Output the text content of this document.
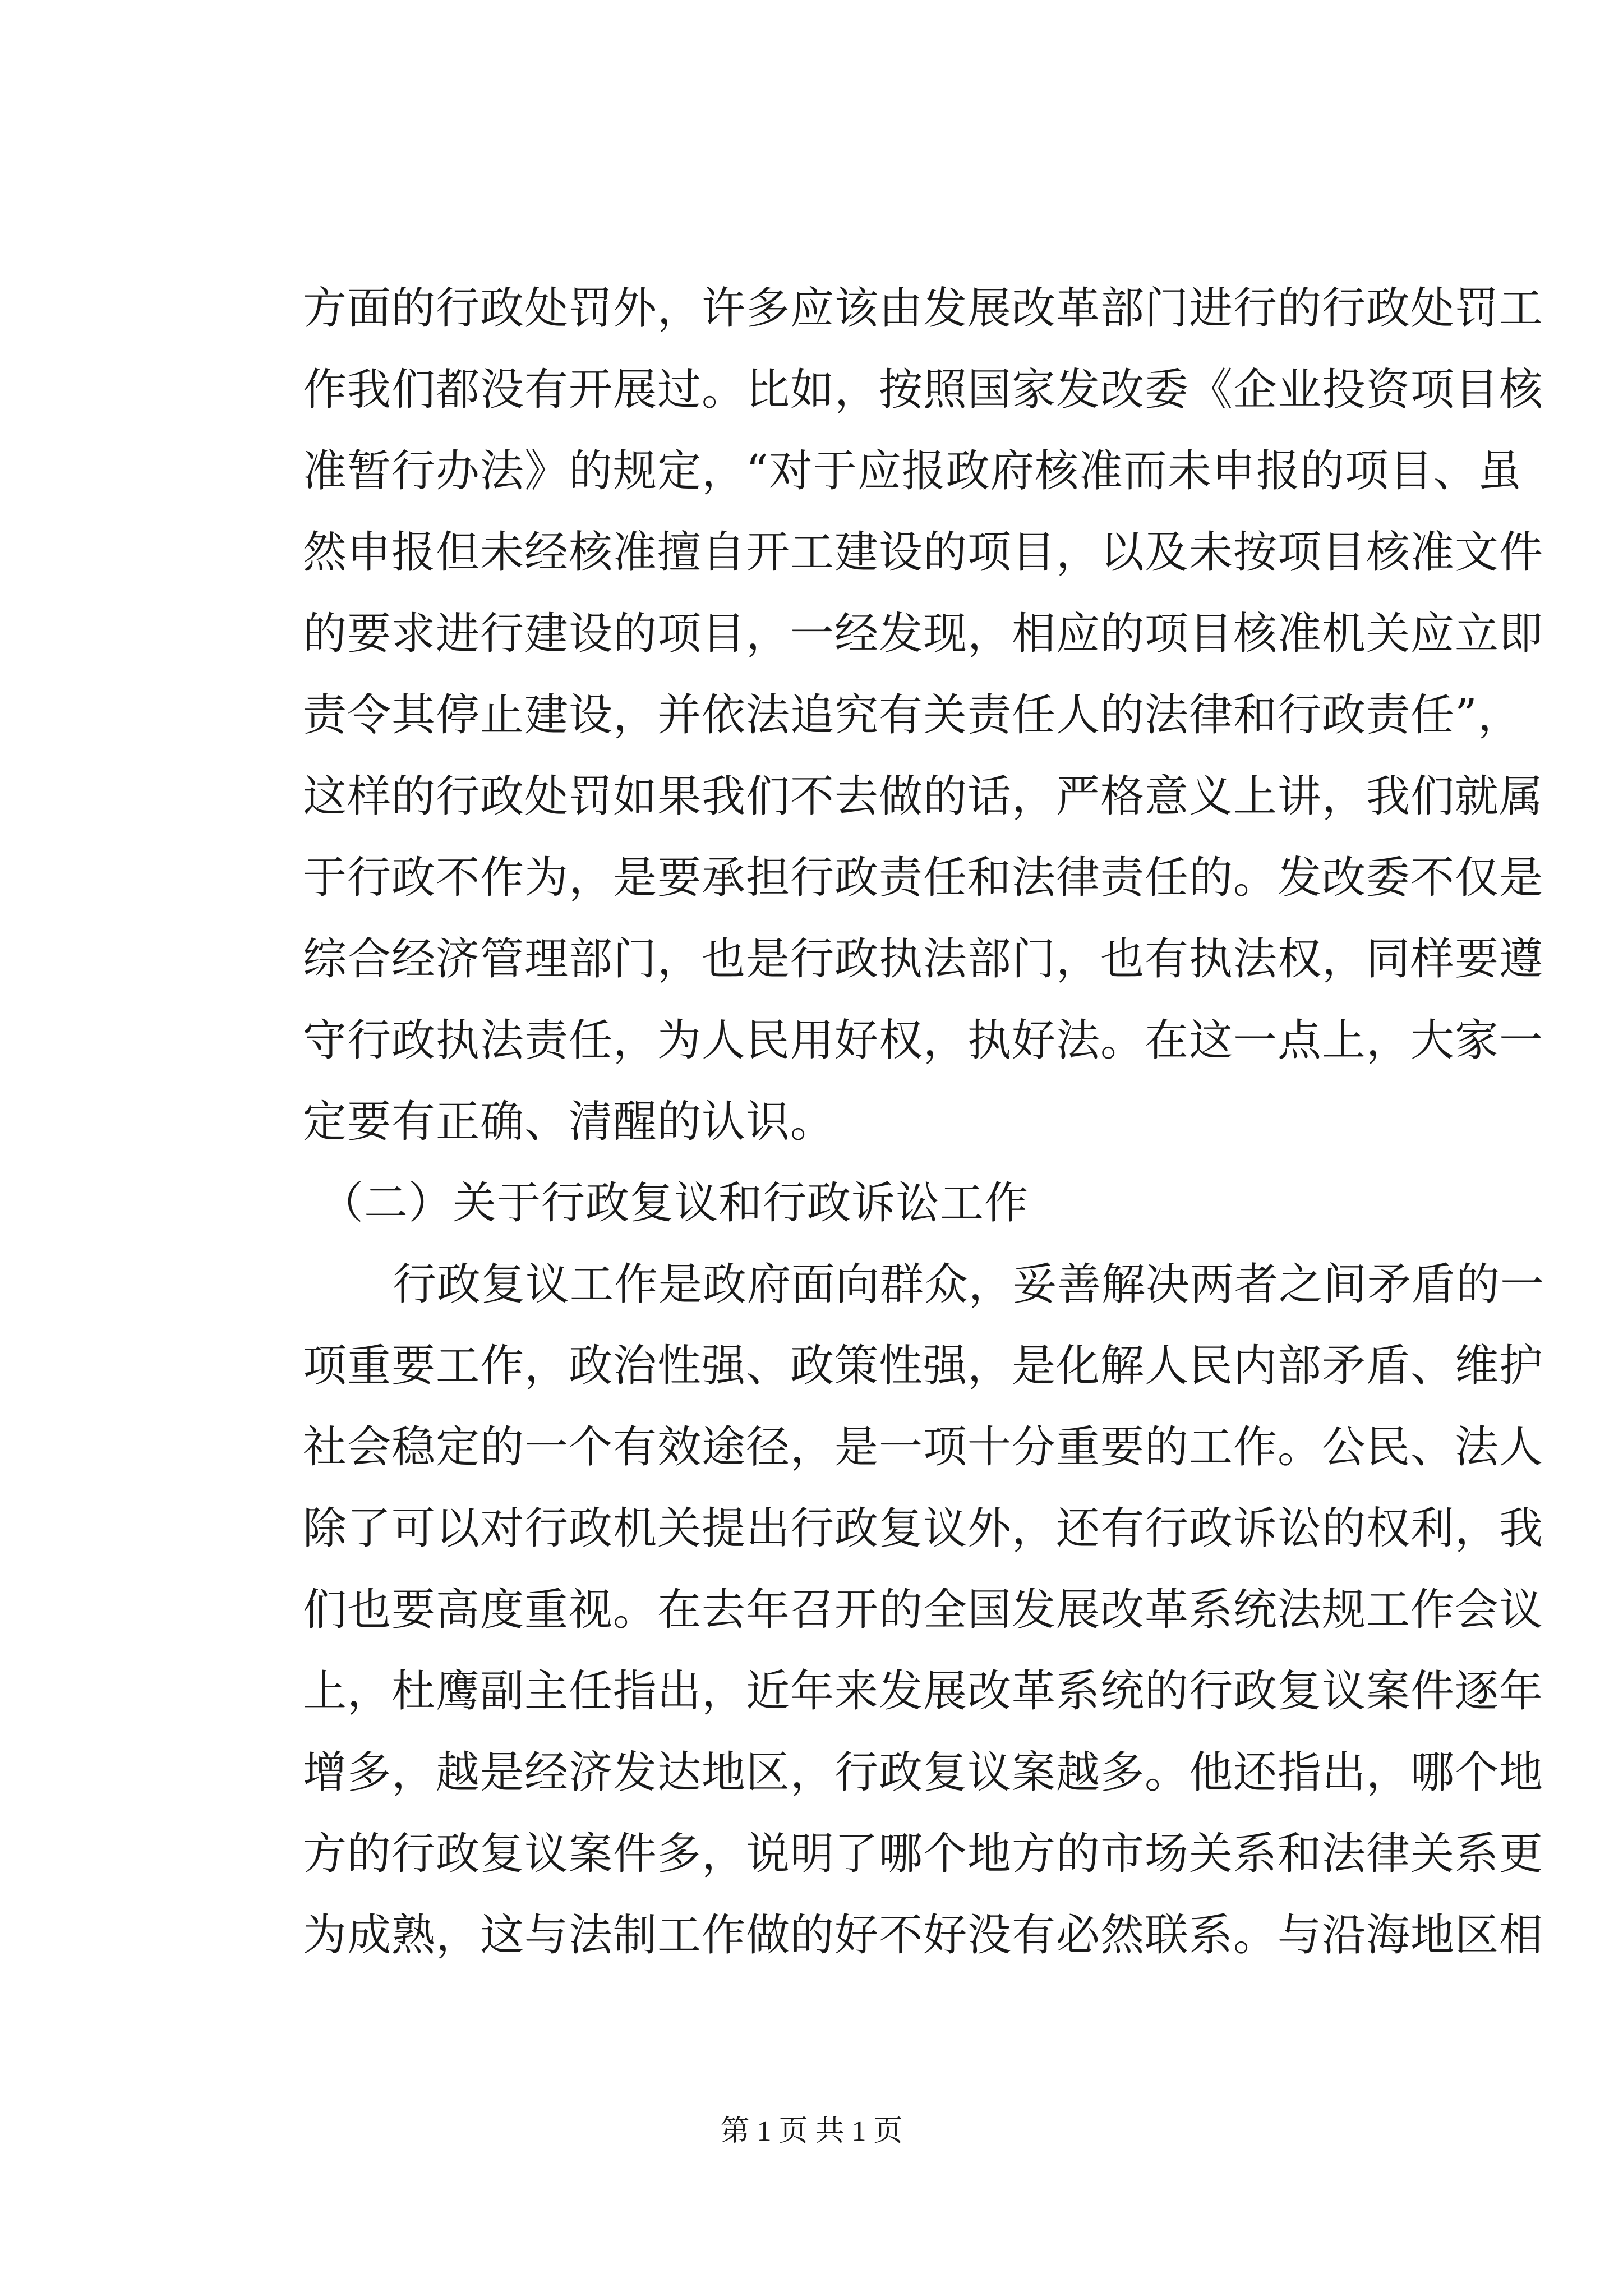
方面的行政处罚外，许多应该由发展改革部门进行的行政处罚工
作我们都没有开展过。比如，按照国家发改委《企业投资项目核
准暂行办法》的规定，“对于应报政府核准而未申报的项目、虽
然申报但未经核准擅自开工建设的项目，以及未按项目核准文件
的要求进行建设的项目，一经发现，相应的项目核准机关应立即
责令其停止建设，并依法追究有关责任人的法律和行政责任”，
这样的行政处罚如果我们不去做的话，严格意义上讲，我们就属
于行政不作为，是要承担行政责任和法律责任的。发改委不仅是
综合经济管理部门，也是行政执法部门，也有执法权，同样要遵
守行政执法责任，为人民用好权，执好法。在这一点上，大家一
定要有正确、清醒的认识。
（二）关于行政复议和行政诉讼工作
行政复议工作是政府面向群众，妥善解决两者之间矛盾的一
项重要工作，政治性强、政策性强，是化解人民内部矛盾、维护
社会稳定的一个有效途径，是一项十分重要的工作。公民、法人
除了可以对行政机关提出行政复议外，还有行政诉讼的权利，我
们也要高度重视。在去年召开的全国发展改革系统法规工作会议
上，杜鹰副主任指出，近年来发展改革系统的行政复议案件逐年
增多，越是经济发达地区，行政复议案越多。他还指出，哪个地
方的行政复议案件多，说明了哪个地方的市场关系和法律关系更
为成熟，这与法制工作做的好不好没有必然联系。与沿海地区相
第 1 页 共 1 页
